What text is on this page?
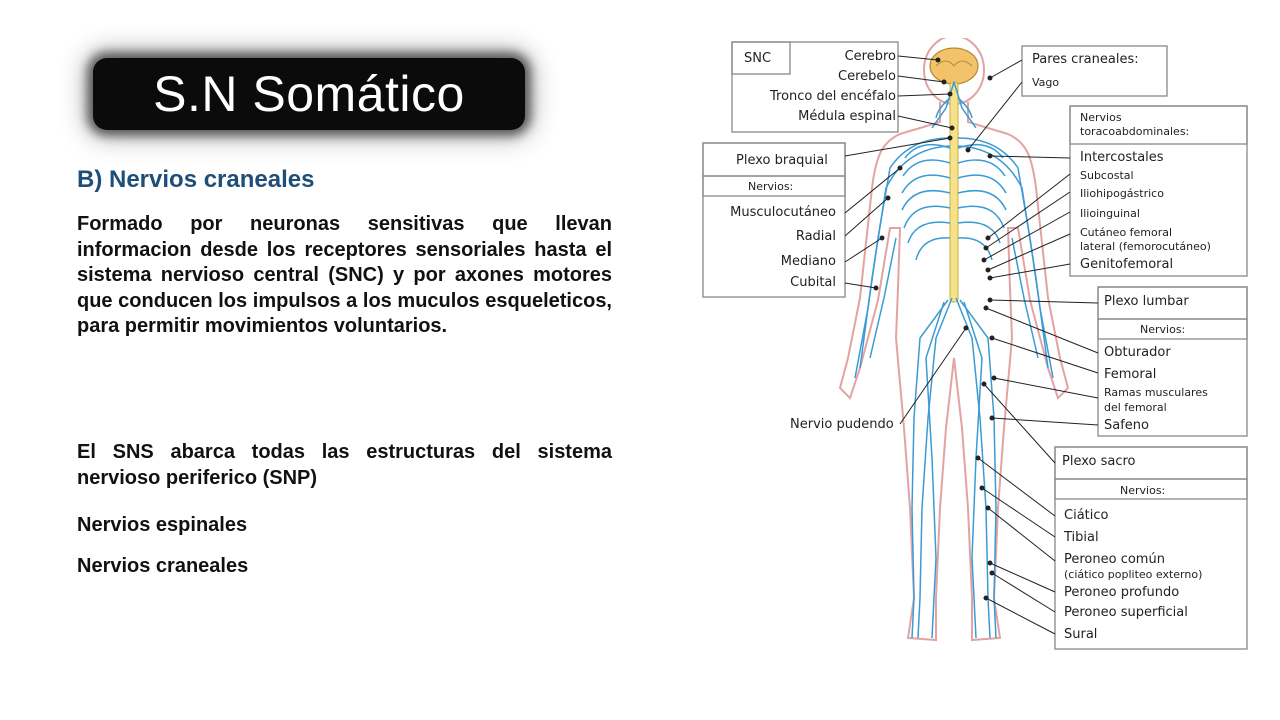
S.N Somático
B) Nervios craneales
Formado por neuronas sensitivas que llevan informacion desde los receptores sensoriales hasta el sistema nervioso central (SNC) y por axones motores que conducen los impulsos a los muculos esqueleticos, para permitir movimientos voluntarios.
El SNS abarca todas las estructuras del sistema nervioso periferico (SNP)
Nervios espinales
Nervios craneales
SNC	Cerebro
Cerebelo
Tronco del encéfalo
Médula espinal
Pares craneales:
Vago
Nervios
toracoabdominales:
Intercostales
Subcostal
Iliohipogástrico
Ilioinguinal
Cutáneo femoral
lateral (femorocutáneo)
Genitofemoral
Plexo braquial
Nervios:
Musculocutáneo
Radial
Mediano
Cubital
Plexo lumbar
Nervios:
Obturador
Femoral
Ramas musculares
del femoral
Safeno
Nervio pudendo
Plexo sacro
Nervios:
Ciático
Tibial
Peroneo común
(ciático popliteo externo)
Peroneo profundo
Peroneo superficial
Sural
